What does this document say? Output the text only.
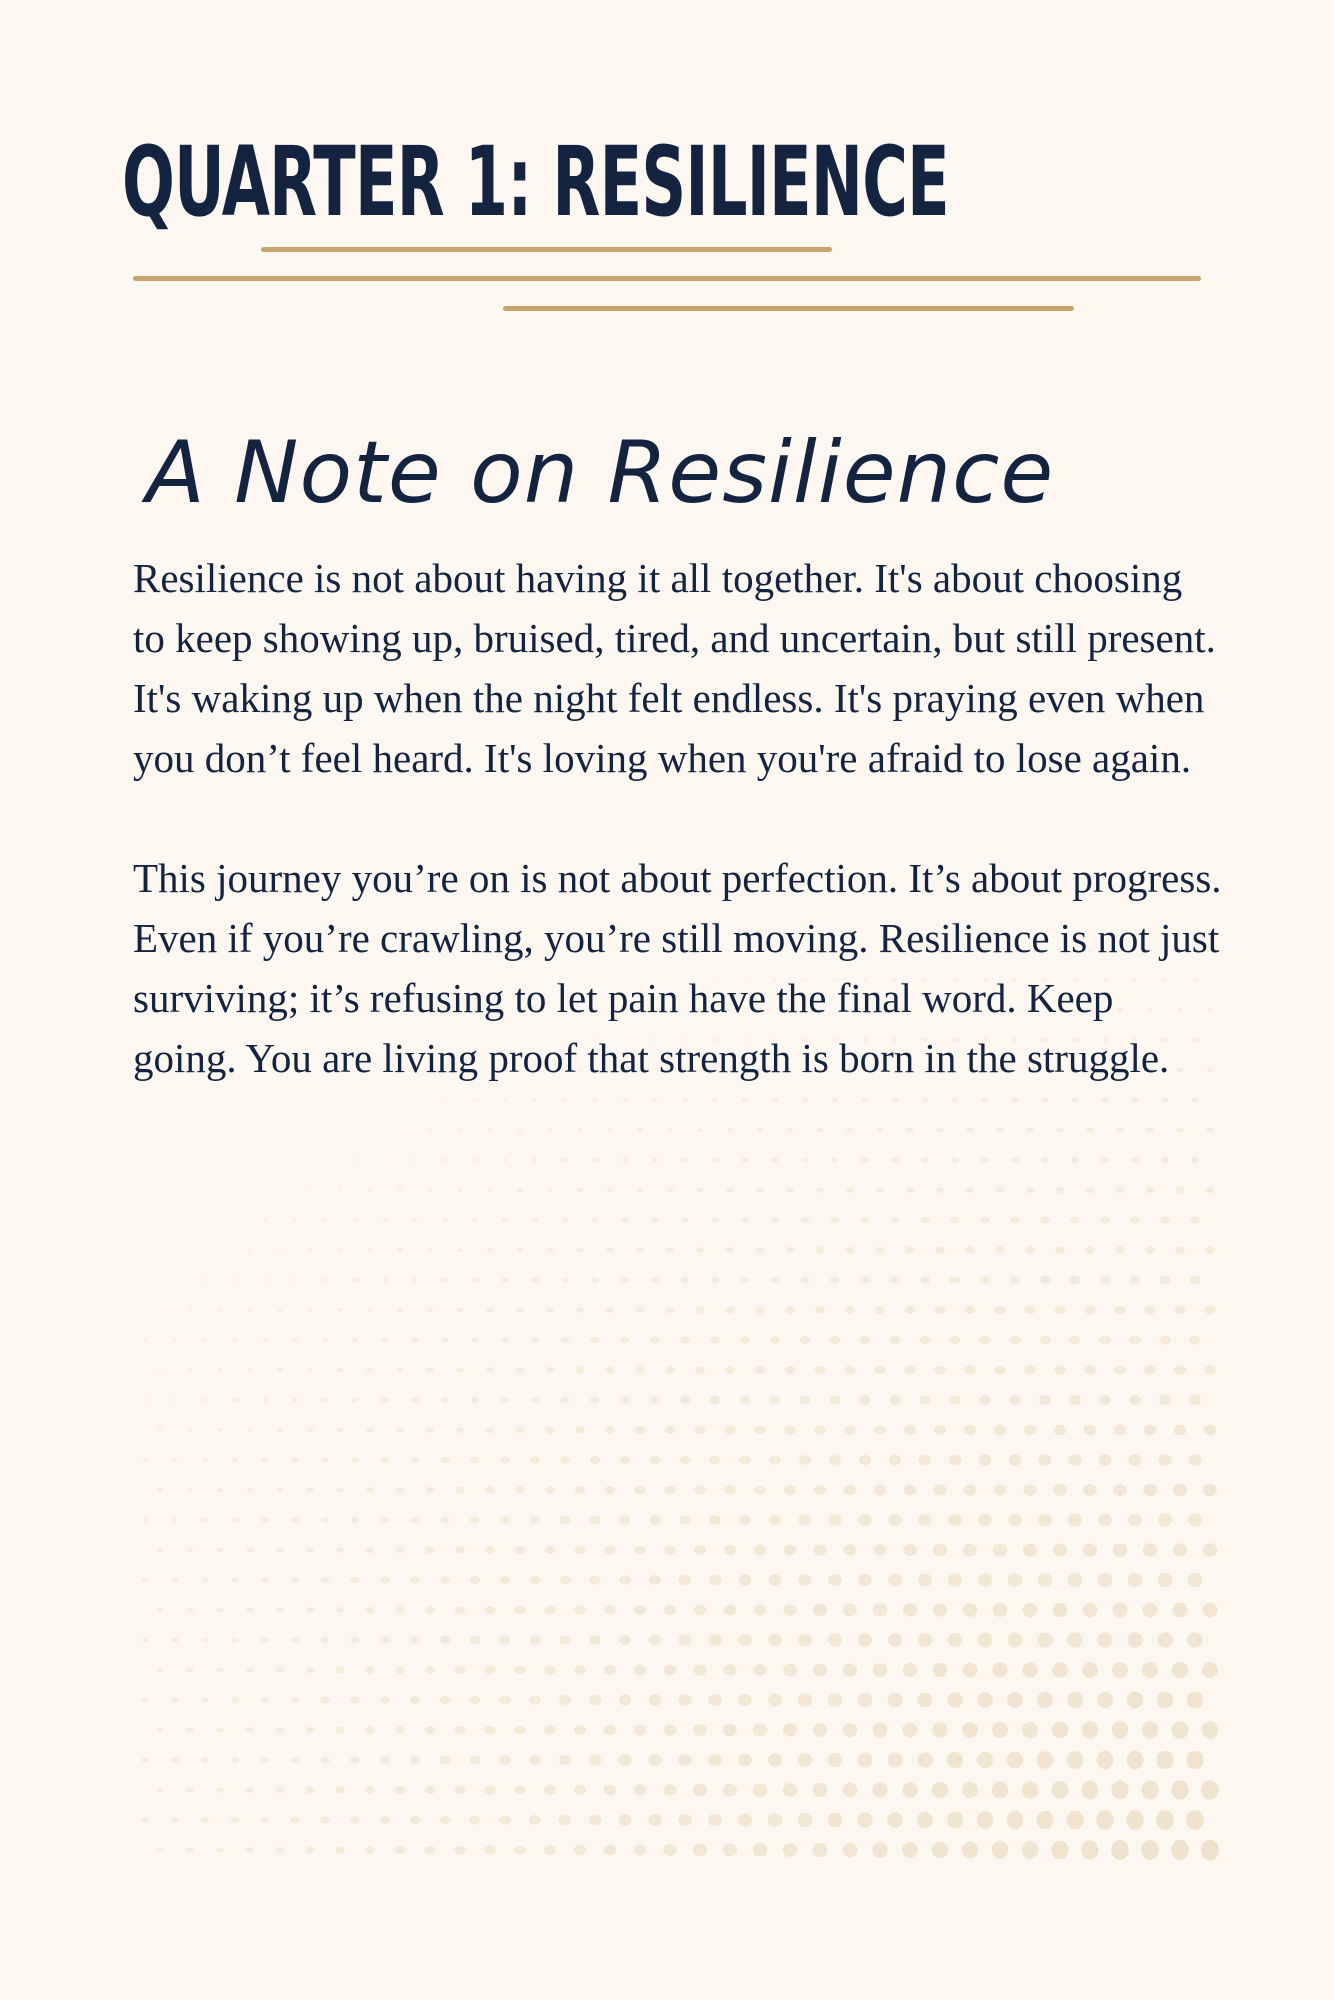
QUARTER 1: RESILIENCE
A Note on Resilience

Resilience is not about having it all together. It's about choosing to keep showing up, bruised, tired, and uncertain, but still present. It's waking up when the night felt endless. It's praying even when you don’t feel heard. It's loving when you're afraid to lose again.

This journey you’re on is not about perfection. It’s about progress. Even if you’re crawling, you’re still moving. Resilience is not just surviving; it’s refusing to let pain have the final word. Keep going. You are living proof that strength is born in the struggle.
